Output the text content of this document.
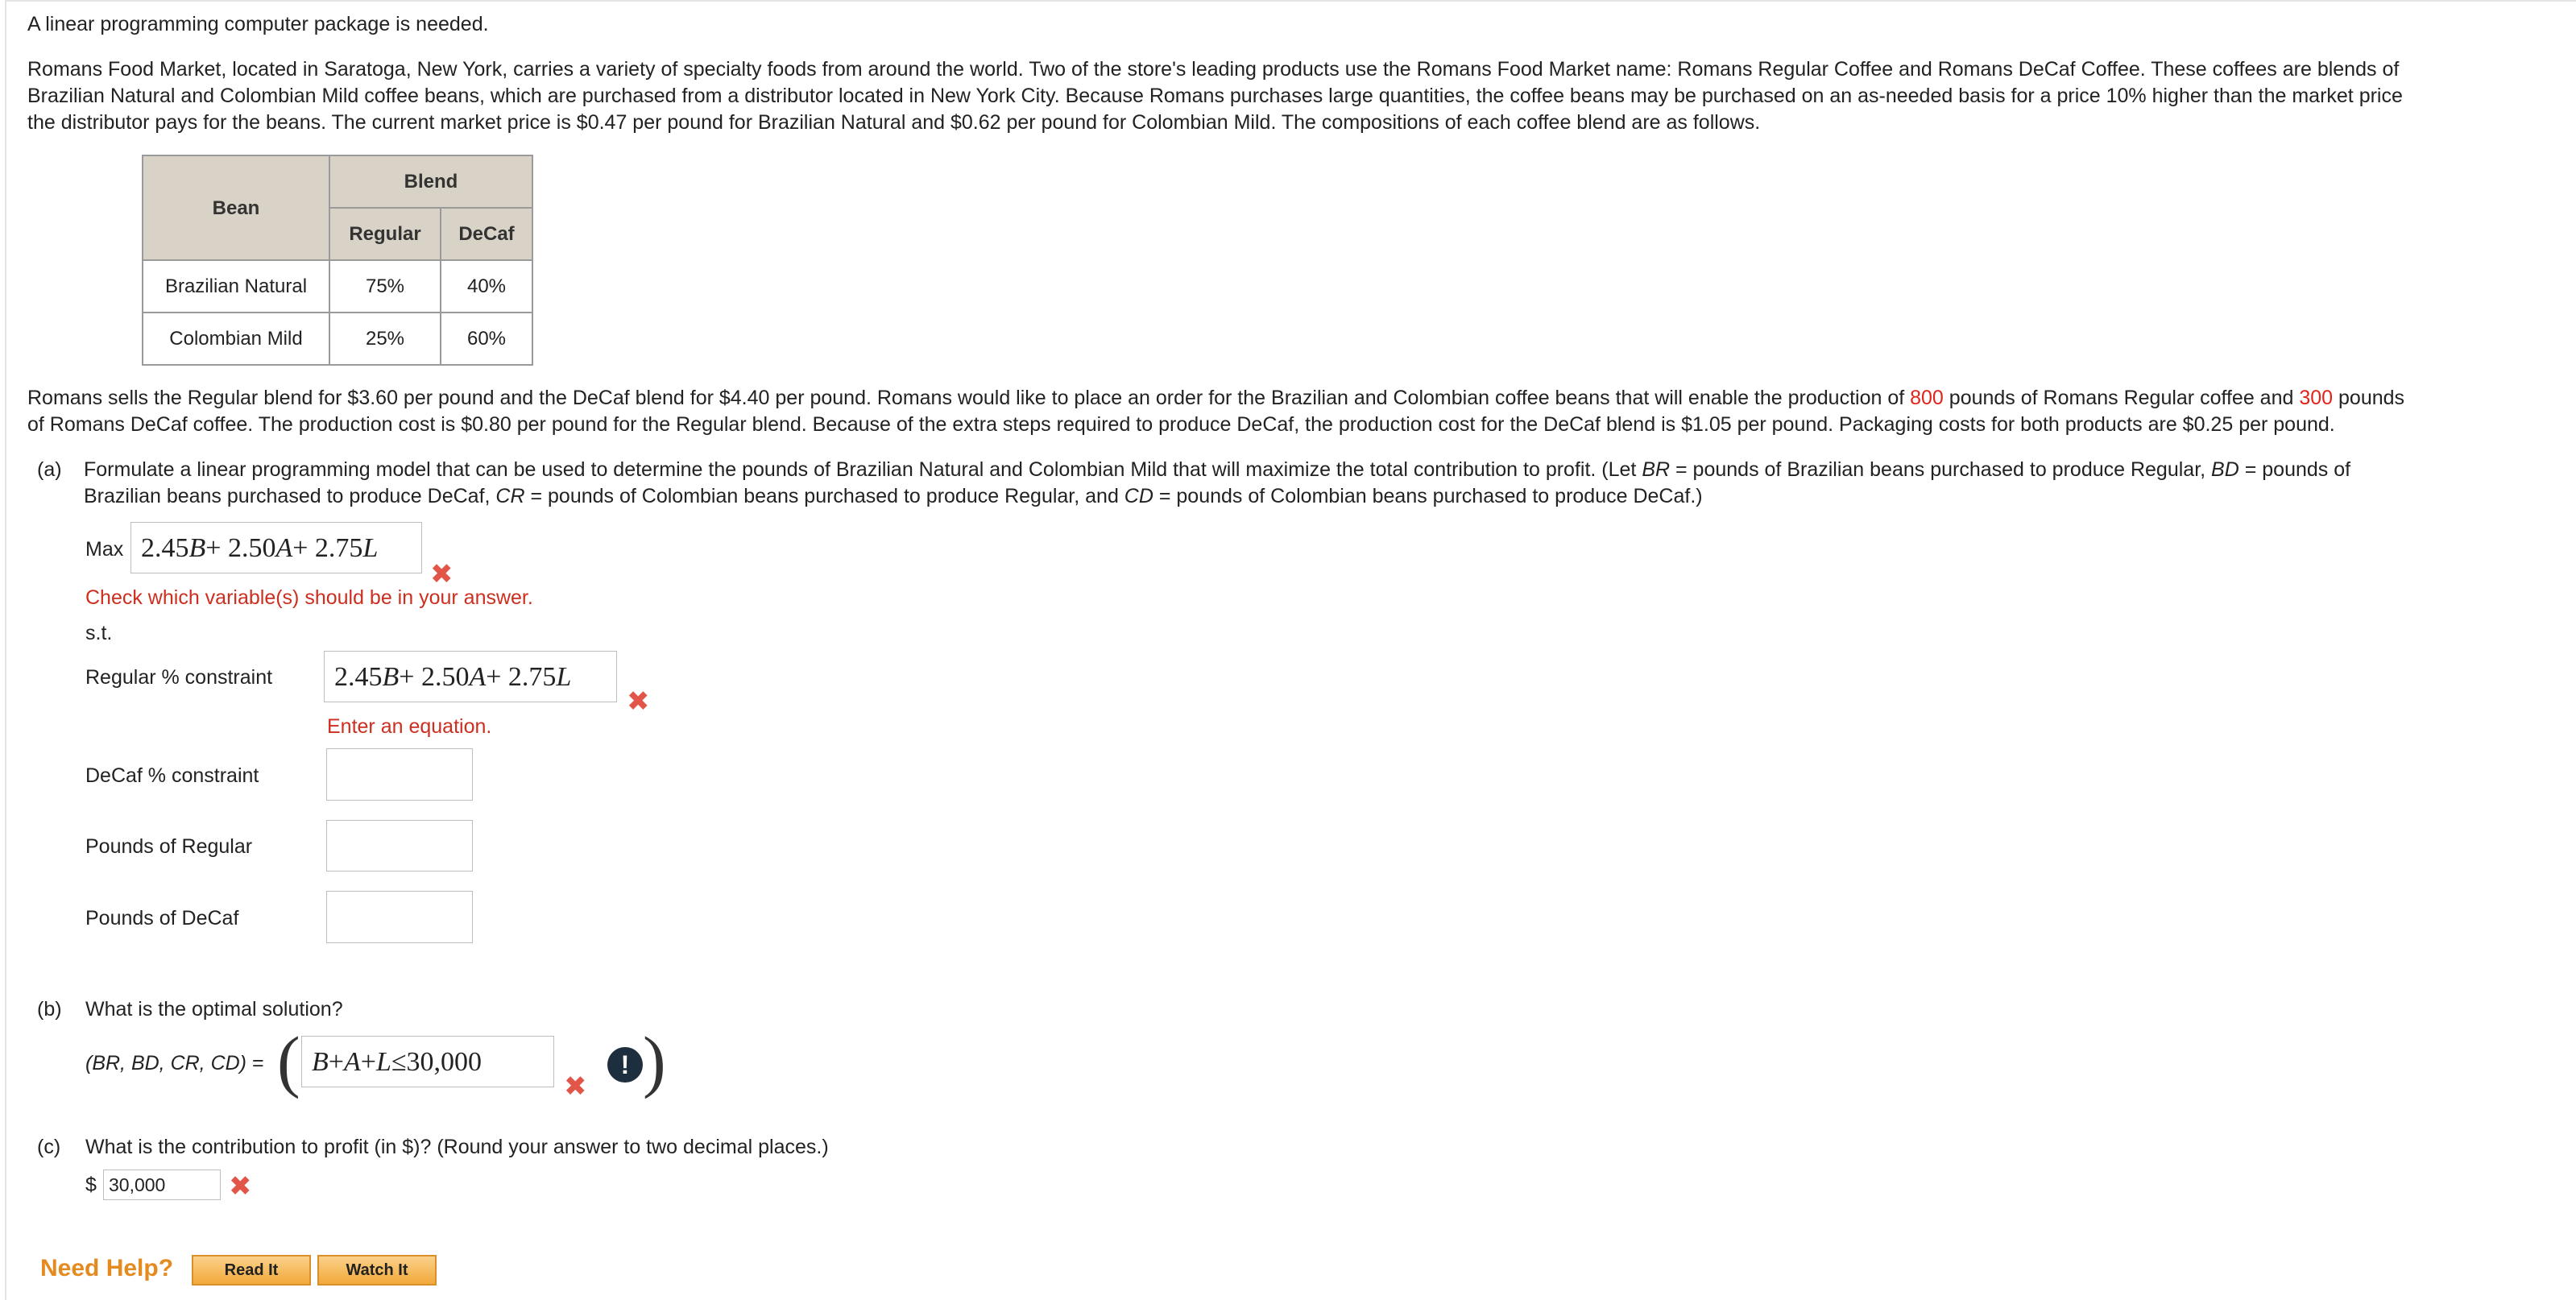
A linear programming computer package is needed.
Romans Food Market, located in Saratoga, New York, carries a variety of specialty foods from around the world. Two of the store's leading products use the Romans Food Market name: Romans Regular Coffee and Romans DeCaf Coffee. These coffees are blends of
Brazilian Natural and Colombian Mild coffee beans, which are purchased from a distributor located in New York City. Because Romans purchases large quantities, the coffee beans may be purchased on an as-needed basis for a price 10% higher than the market price
the distributor pays for the beans. The current market price is $0.47 per pound for Brazilian Natural and $0.62 per pound for Colombian Mild. The compositions of each coffee blend are as follows.
Bean	Blend	
	Regular	DeCaf
Brazilian Natural	75%	40%
Colombian Mild	25%	60%
Romans sells the Regular blend for $3.60 per pound and the DeCaf blend for $4.40 per pound. Romans would like to place an order for the Brazilian and Colombian coffee beans that will enable the production of 800 pounds of Romans Regular coffee and 300 pounds
of Romans DeCaf coffee. The production cost is $0.80 per pound for the Regular blend. Because of the extra steps required to produce DeCaf, the production cost for the DeCaf blend is $1.05 per pound. Packaging costs for both products are $0.25 per pound.
(a) Formulate a linear programming model that can be used to determine the pounds of Brazilian Natural and Colombian Mild that will maximize the total contribution to profit. (Let BR = pounds of Brazilian beans purchased to produce Regular, BD = pounds of
Brazilian beans purchased to produce DeCaf, CR = pounds of Colombian beans purchased to produce Regular, and CD = pounds of Colombian beans purchased to produce DeCaf.)
Max 2.45 B + 2.50 A + 2.75 L
✖
Check which variable(s) should be in your answer.
s.t.
Regular % constraint 2.45 B + 2.50 A + 2.75 L
✖
Enter an equation.
DeCaf % constraint
Pounds of Regular
Pounds of DeCaf
(b) What is the optimal solution?
(BR, BD, CR, CD) = ( B + A + L ≤ 30,000
✖
! )
(c) What is the contribution to profit (in $)? (Round your answer to two decimal places.)
$ 30,000	✖
Need Help?	Read It	Watch It
